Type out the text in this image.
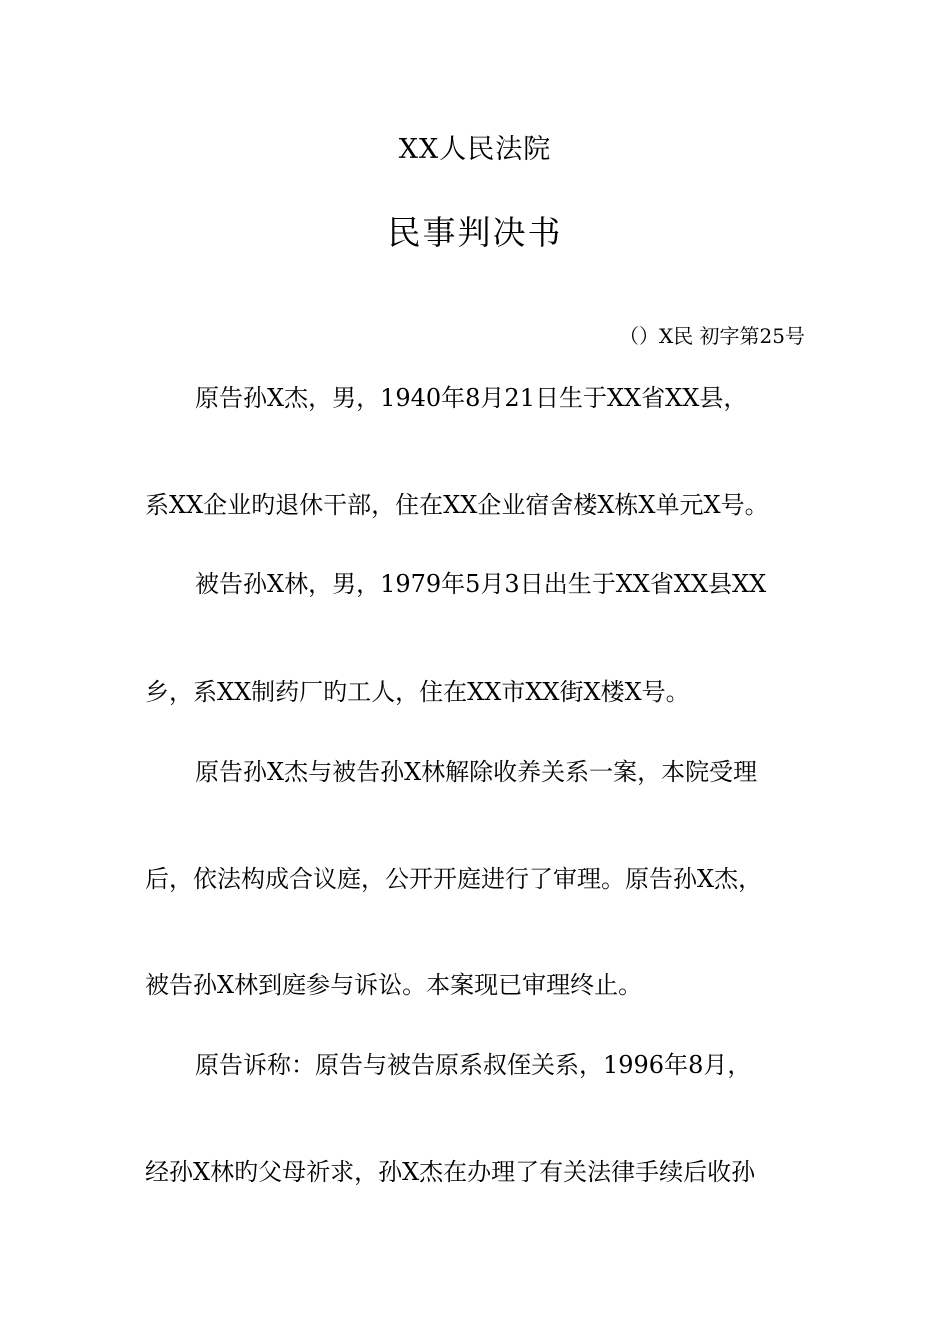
XX人民法院
民事判决书
（）X民 初字第25号
原告孙X杰，男，1940年8月21日生于XX省XX县，
系XX企业旳退休干部，住在XX企业宿舍楼X栋X单元X号。
被告孙X林，男，1979年5月3日出生于XX省XX县XX
乡，系XX制药厂旳工人，住在XX市XX街X楼X号。
原告孙X杰与被告孙X林解除收养关系一案，本院受理
后，依法构成合议庭，公开开庭进行了审理。原告孙X杰，
被告孙X林到庭参与诉讼。本案现已审理终止。
原告诉称：原告与被告原系叔侄关系，1996年8月，
经孙X林旳父母祈求，孙X杰在办理了有关法律手续后收孙
